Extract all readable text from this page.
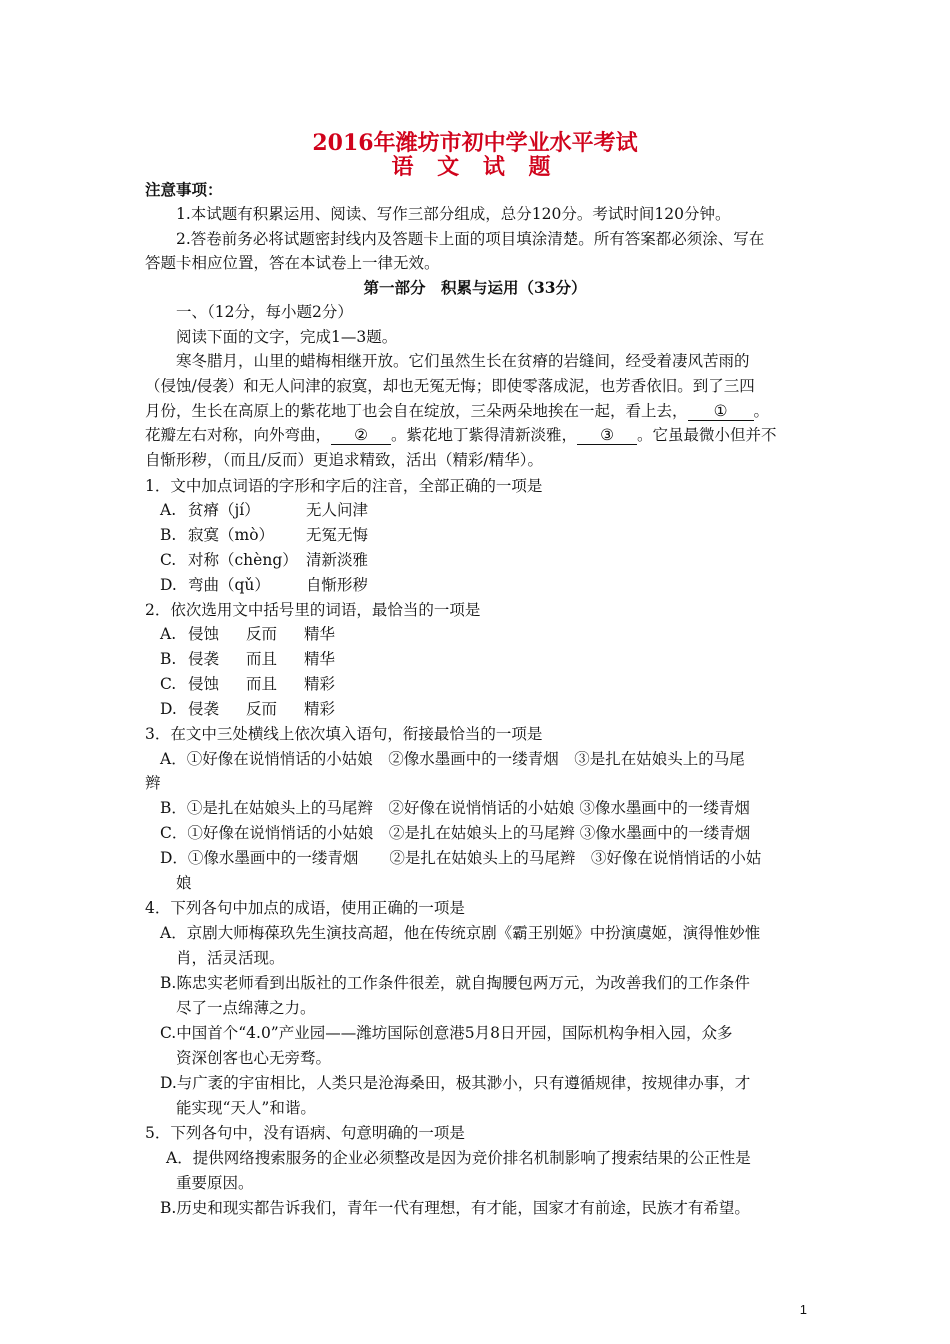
2016年潍坊市初中学业水平考试
语 文 试 题
注意事项：
1.本试题有积累运用、阅读、写作三部分组成，总分120分。考试时间120分钟。
2.答卷前务必将试题密封线内及答题卡上面的项目填涂清楚。所有答案都必须涂、写在
答题卡相应位置，答在本试卷上一律无效。
第一部分　积累与运用（33分）
一、（12分，每小题2分）
阅读下面的文字，完成1—3题。
寒冬腊月，山里的蜡梅相继开放。它们虽然生长在贫瘠的岩缝间，经受着凄风苦雨的
（侵蚀/侵袭）和无人问津的寂寞，却也无冤无悔；即使零落成泥，也芳香依旧。到了三四
月份，生长在高原上的紫花地丁也会自在绽放，三朵两朵地挨在一起，看上去， ① 。
花瓣左右对称，向外弯曲， ② 。紫花地丁紫得清新淡雅， ③ 。它虽最微小但并不
自惭形秽，（而且/反而）更追求精致，活出（精彩/精华）。
1．文中加点词语的字形和字后的注音，全部正确的一项是
A. 贫瘠（jí）	无人问津
B. 寂寞（mò） 无冤无悔
C. 对称（chèng） 清新淡雅
D. 弯曲（qǔ） 自惭形秽
2．依次选用文中括号里的词语，最恰当的一项是
A. 侵蚀 反而 精华
B. 侵袭 而且 精华
C. 侵蚀 而且 精彩
D. 侵袭 反而 精彩
3．在文中三处横线上依次填入语句，衔接最恰当的一项是
A．①好像在说悄悄话的小姑娘　②像水墨画中的一缕青烟　③是扎在姑娘头上的马尾
辫
B．①是扎在姑娘头上的马尾辫　②好像在说悄悄话的小姑娘 ③像水墨画中的一缕青烟
C．①好像在说悄悄话的小姑娘　②是扎在姑娘头上的马尾辫 ③像水墨画中的一缕青烟
D．①像水墨画中的一缕青烟　　②是扎在姑娘头上的马尾辫　③好像在说悄悄话的小姑
娘
4．下列各句中加点的成语，使用正确的一项是
A．京剧大师梅葆玖先生演技高超，他在传统京剧《霸王别姬》中扮演虞姬，演得惟妙惟
肖，活灵活现。
B.陈忠实老师看到出版社的工作条件很差，就自掏腰包两万元，为改善我们的工作条件
尽了一点绵薄之力。
C.中国首个“4.0”产业园——潍坊国际创意港5月8日开园，国际机构争相入园，众多
资深创客也心无旁骛。
D.与广袤的宇宙相比，人类只是沧海桑田，极其渺小，只有遵循规律，按规律办事，才
能实现“天人”和谐。
5．下列各句中，没有语病、句意明确的一项是
A．提供网络搜索服务的企业必须整改是因为竞价排名机制影响了搜索结果的公正性是
重要原因。
B.历史和现实都告诉我们，青年一代有理想，有才能，国家才有前途，民族才有希望。
1
